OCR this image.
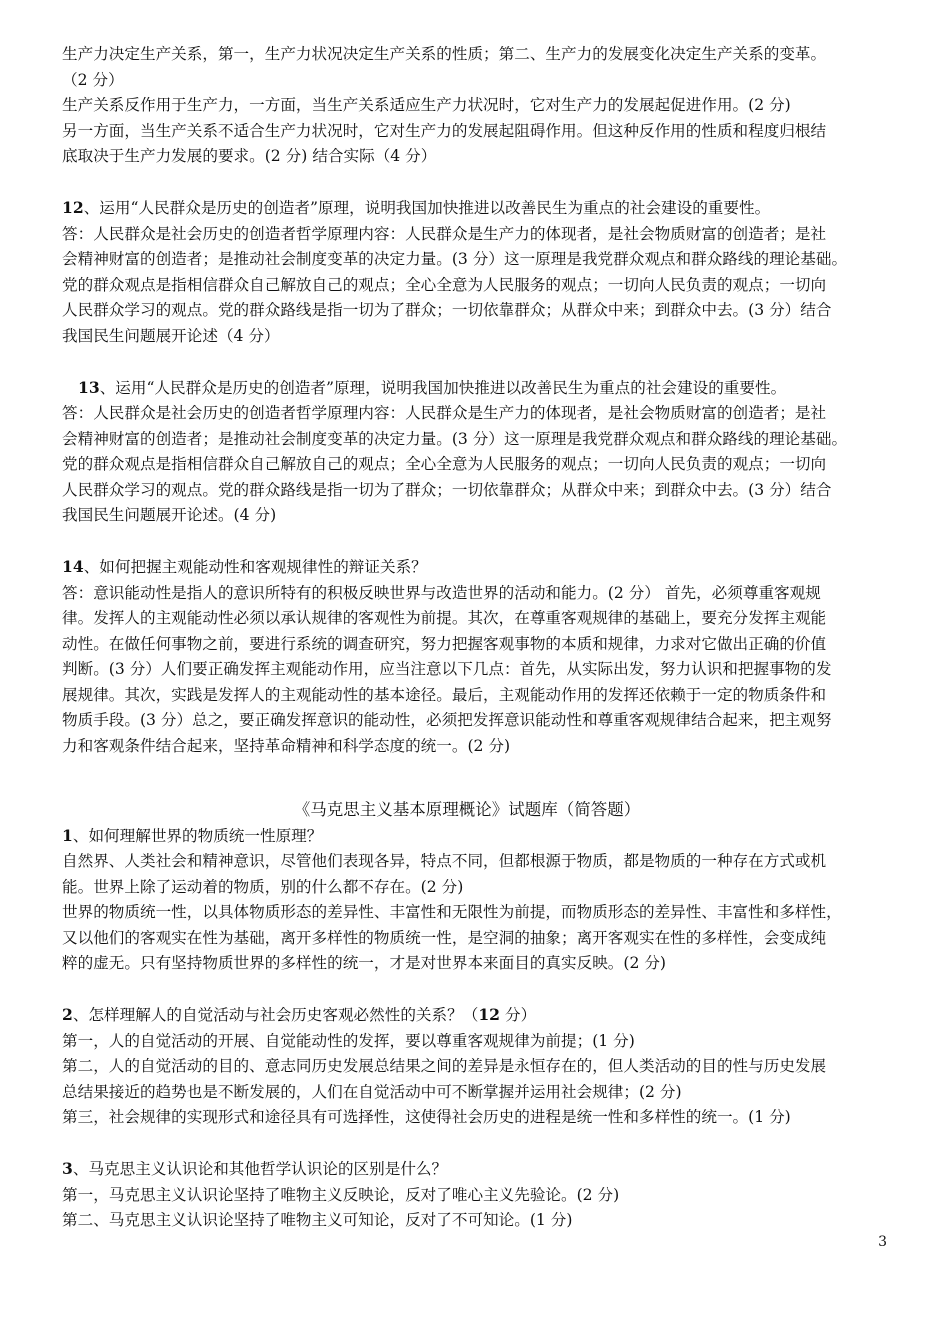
生产力决定生产关系，第一，生产力状况决定生产关系的性质；第二、生产力的发展变化决定生产关系的变革。

（2 分）

生产关系反作用于生产力，一方面，当生产关系适应生产力状况时，它对生产力的发展起促进作用。(2 分)

另一方面，当生产关系不适合生产力状况时，它对生产力的发展起阻碍作用。但这种反作用的性质和程度归根结

底取决于生产力发展的要求。(2 分) 结合实际（4 分）

12、运用“人民群众是历史的创造者”原理，说明我国加快推进以改善民生为重点的社会建设的重要性。

答：人民群众是社会历史的创造者哲学原理内容：人民群众是生产力的体现者，是社会物质财富的创造者；是社

会精神财富的创造者；是推动社会制度变革的决定力量。(3 分）这一原理是我党群众观点和群众路线的理论基础。

党的群众观点是指相信群众自己解放自己的观点；全心全意为人民服务的观点；一切向人民负责的观点；一切向

人民群众学习的观点。党的群众路线是指一切为了群众；一切依靠群众；从群众中来；到群众中去。(3 分）结合

我国民生问题展开论述（4 分）

13、运用“人民群众是历史的创造者”原理，说明我国加快推进以改善民生为重点的社会建设的重要性。

答：人民群众是社会历史的创造者哲学原理内容：人民群众是生产力的体现者，是社会物质财富的创造者；是社

会精神财富的创造者；是推动社会制度变革的决定力量。(3 分）这一原理是我党群众观点和群众路线的理论基础。

党的群众观点是指相信群众自己解放自己的观点；全心全意为人民服务的观点；一切向人民负责的观点；一切向

人民群众学习的观点。党的群众路线是指一切为了群众；一切依靠群众；从群众中来；到群众中去。(3 分）结合

我国民生问题展开论述。(4 分)

14、如何把握主观能动性和客观规律性的辩证关系？

答：意识能动性是指人的意识所特有的积极反映世界与改造世界的活动和能力。(2 分） 首先，必须尊重客观规

律。发挥人的主观能动性必须以承认规律的客观性为前提。其次，在尊重客观规律的基础上，要充分发挥主观能

动性。在做任何事物之前，要进行系统的调查研究，努力把握客观事物的本质和规律，力求对它做出正确的价值

判断。(3 分）人们要正确发挥主观能动作用，应当注意以下几点：首先，从实际出发，努力认识和把握事物的发

展规律。其次，实践是发挥人的主观能动性的基本途径。最后，主观能动作用的发挥还依赖于一定的物质条件和

物质手段。(3 分）总之，要正确发挥意识的能动性，必须把发挥意识能动性和尊重客观规律结合起来，把主观努

力和客观条件结合起来，坚持革命精神和科学态度的统一。(2 分)

《马克思主义基本原理概论》试题库（简答题）

1、如何理解世界的物质统一性原理？

自然界、人类社会和精神意识，尽管他们表现各异，特点不同，但都根源于物质，都是物质的一种存在方式或机

能。世界上除了运动着的物质，别的什么都不存在。(2 分)

世界的物质统一性，以具体物质形态的差异性、丰富性和无限性为前提，而物质形态的差异性、丰富性和多样性，

又以他们的客观实在性为基础，离开多样性的物质统一性，是空洞的抽象；离开客观实在性的多样性，会变成纯

粹的虚无。只有坚持物质世界的多样性的统一，才是对世界本来面目的真实反映。(2 分)

2、怎样理解人的自觉活动与社会历史客观必然性的关系？（12 分）

第一，人的自觉活动的开展、自觉能动性的发挥，要以尊重客观规律为前提；(1 分)

第二，人的自觉活动的目的、意志同历史发展总结果之间的差异是永恒存在的，但人类活动的目的性与历史发展

总结果接近的趋势也是不断发展的，人们在自觉活动中可不断掌握并运用社会规律；(2 分)

第三，社会规律的实现形式和途径具有可选择性，这使得社会历史的进程是统一性和多样性的统一。(1 分)

3、马克思主义认识论和其他哲学认识论的区别是什么？

第一，马克思主义认识论坚持了唯物主义反映论，反对了唯心主义先验论。(2 分)

第二、马克思主义认识论坚持了唯物主义可知论，反对了不可知论。(1 分)

3
